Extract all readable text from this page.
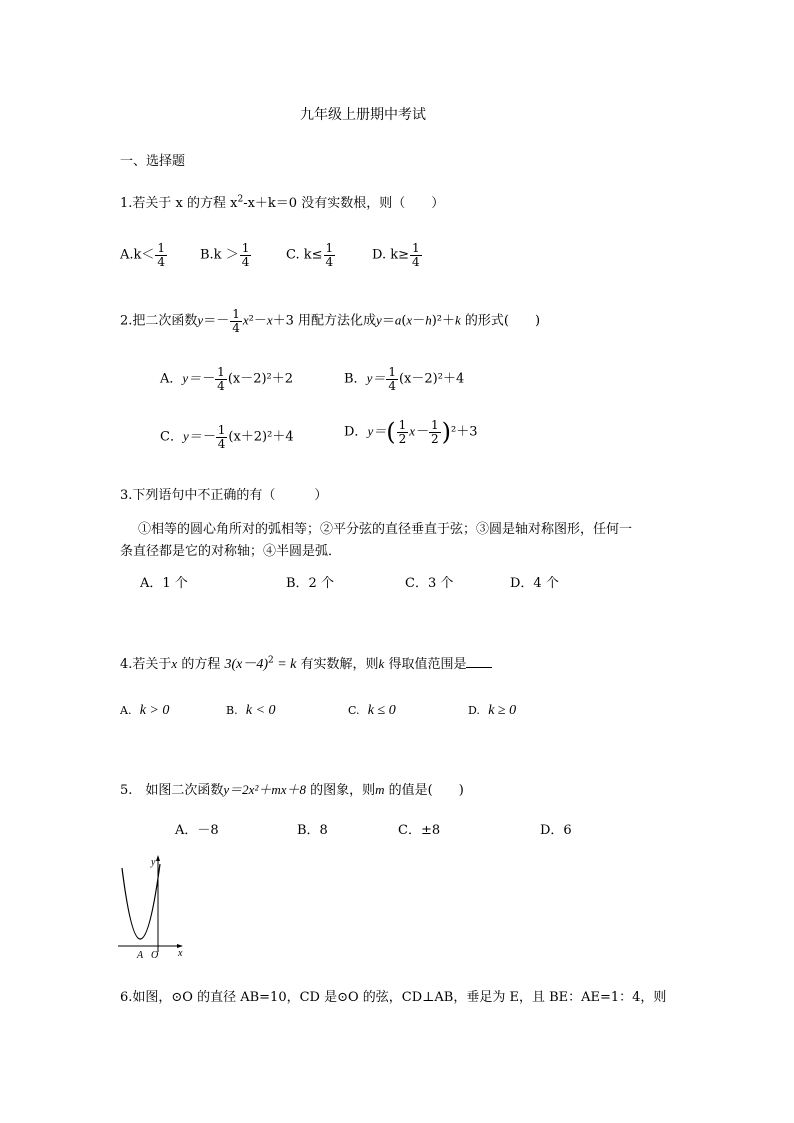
九年级上册期中考试
一、选择题
1.若关于 x 的方程 $x^2-x+k=0$ 没有实数根，则（　　）
$A.k< \frac{1}{4}$	$B.k > \frac{1}{4}$	C. $k\le \frac{1}{4}$	D. $k\ge \frac{1}{4}$
2.把二次函数$y=- \frac{1}{4} x^2-x+3$ 用配方法化成y＝a(x－h)²＋k 的形式(　　)
A．$y=- \frac{1}{4} (x-2)^2+2$	B．$y= \frac{1}{4} (x-2)^2+4$
C．$y=- \frac{1}{4} (x+2)^2+4$	D．$y=( \frac{1}{2} x- \frac{1}{2} )^2+3$
3.下列语句中不正确的有（　　　）
①相等的圆心角所对的弧相等；②平分弦的直径垂直于弦；③圆是轴对称图形，任何一
条直径都是它的对称轴；④半圆是弧．
A．1 个	B．2 个	C．3 个	D．4 个
4.若关于x 的方程 $3(x-4)^2 = k$ 有实数解，则k 得取值范围是
A. k > 0	B. k < 0	C. k ≤ 0	D. k ≥ 0
5.　如图二次函数y＝2x²＋mx＋8 的图象，则m 的值是(　　)
A．－8	B．8	C．±8	D．6
y
x
A O
6.如图，⊙O 的直径 AB=10，CD 是⊙O 的弦，CD⊥AB，垂足为 E，且 BE：AE=1：4，则
